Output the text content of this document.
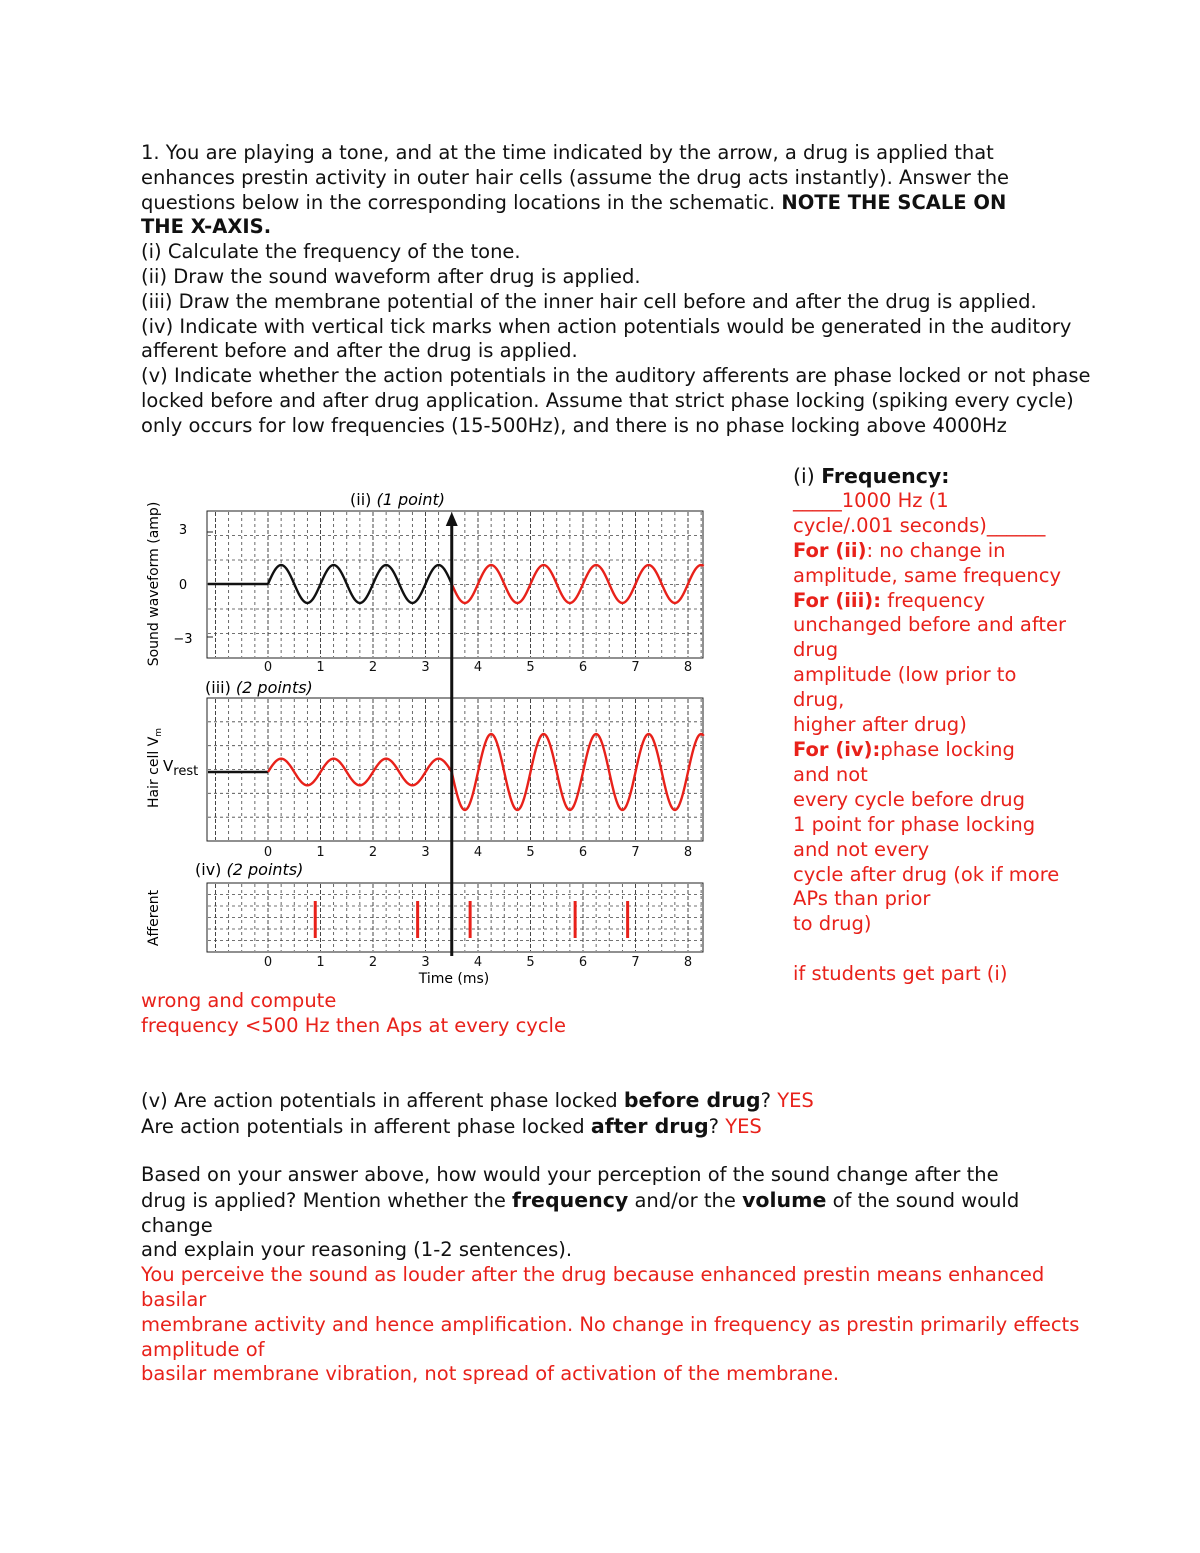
1. You are playing a tone, and at the time indicated by the arrow, a drug is applied that
enhances prestin activity in outer hair cells (assume the drug acts instantly). Answer the
questions below in the corresponding locations in the schematic. NOTE THE SCALE ON
THE X-AXIS.
(i) Calculate the frequency of the tone.
(ii) Draw the sound waveform after drug is applied.
(iii) Draw the membrane potential of the inner hair cell before and after the drug is applied.
(iv) Indicate with vertical tick marks when action potentials would be generated in the auditory
afferent before and after the drug is applied.
(v) Indicate whether the action potentials in the auditory afferents are phase locked or not phase
locked before and after drug application. Assume that strict phase locking (spiking every cycle)
only occurs for low frequencies (15-500Hz), and there is no phase locking above 4000Hz
(i) Frequency:
_____1000 Hz (1
cycle/.001 seconds)______
For (ii): no change in
amplitude, same frequency
For (iii): frequency
unchanged before and after
drug
amplitude (low prior to
drug,
higher after drug)
For (iv):phase locking
and not
every cycle before drug
1 point for phase locking
and not every
cycle after drug (ok if more
APs than prior
to drug)

if students get part (i)
(ii) (1 point)
(iii) (2 points)
(iv) (2 points)
Sound waveform (amp)
Hair cell $V_m$
Afferent
Vrest
3
0
−3
Time (ms)
0	1	2	3	4	5	6	7	8
0	1	2	3	4	5	6	7	8
0	1	2	3	4	5	6	7	8
wrong and compute
frequency <500 Hz then Aps at every cycle
(v) Are action potentials in afferent phase locked before drug? YES
Are action potentials in afferent phase locked after drug? YES
Based on your answer above, how would your perception of the sound change after the
drug is applied? Mention whether the frequency and/or the volume of the sound would
change
and explain your reasoning (1-2 sentences).
You perceive the sound as louder after the drug because enhanced prestin means enhanced
basilar
membrane activity and hence amplification. No change in frequency as prestin primarily effects
amplitude of
basilar membrane vibration, not spread of activation of the membrane.
